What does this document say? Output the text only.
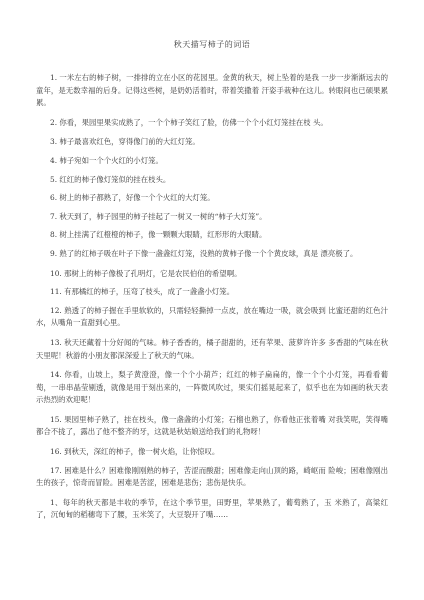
秋天描写柿子的词语

1. 一米左右的柿子树，一排排的立在小区的花园里。金黄的秋天，树上坠着的是我 一步一步渐渐远去的童年，是无数幸福的后身。记得这些树，是奶奶活着时，带着笑撒着 汗姿手栽种在这儿。转眼间也已硕果累累。

2. 你看，果园里果实成熟了，一个个柿子笑红了脸，仿佛一个个小红灯笼挂在枝 头。

3. 柿子最喜欢红色，穿得像门前的大红灯笼。

4. 柿子宛如一个个火红的小灯笼。

5. 红红的柿子像灯笼似的挂在枝头。

6. 树上的柿子都熟了，好像一个个火红的大灯笼。

7. 秋天到了，柿子园里的柿子挂起了一树又一树的“柿子大灯笼”。

8. 树上挂满了红橙橙的柿子，像一颗颗大眼睛，红形形的大眼睛。

9. 熟了的红柿子吸在叶子下像一盏盏红灯笼，没熟的黄柿子像一个个黄皮球，真是 漂亮极了。

10. 那树上的柿子像极了孔明灯，它是农民伯伯的希望啊。

11. 有那橘红的柿子，压弯了枝头，成了一盏盏小灯笼。

12. 熟透了的柿子握在手里软软的，只需轻轻撕掉一点皮，放在嘴边一吸，就会吸到 比蜜还甜的红色汁水，从嘴角一直甜到心里。

13. 秋天还藏着十分好闻的气味。柿子香香的，橘子甜甜的，还有苹果、菠萝许许多 多香甜的气味在秋天里呢！秋游的小朋友都深深爱上了秋天的气味。

14. 你看，山坡上，梨子黄澄澄，像一个个小葫芦；红红的柿子扁扁的，像一个个小灯笼，再看看葡萄，一串串晶莹剔透，就像是用于刻出来的，一阵微风吹过，果实们摇晃起来了，似乎也在为如画的秋天表示热烈的欢迎呢！

15. 果园里柿子熟了，挂在枝头，像一盏盏的小灯笼；石榴也熟了，你看他正张着嘴 对我笑呢，笑得嘴都合不拢了，露出了他不整齐的牙，这就是秋姑娘送给我们的礼物呀！

16. 到秋天，深红的柿子，像一树火焰，让你惊叹。

17. 困难是什么？困难像刚刚熟的柿子，苦涩而酸甜；困难像走向山顶的路，崎岖而 险峻；困难像刚出生的孩子，惊奇而冒险。困难是苦涩，困难是悲伤；悲伤是快乐。

1、每年的秋天都是丰收的季节，在这个季节里，田野里，苹果熟了，葡萄熟了，玉 米熟了，高粱红了，沉甸甸的稻穗弯下了腰，玉米笑了，大豆裂开了嘴……
